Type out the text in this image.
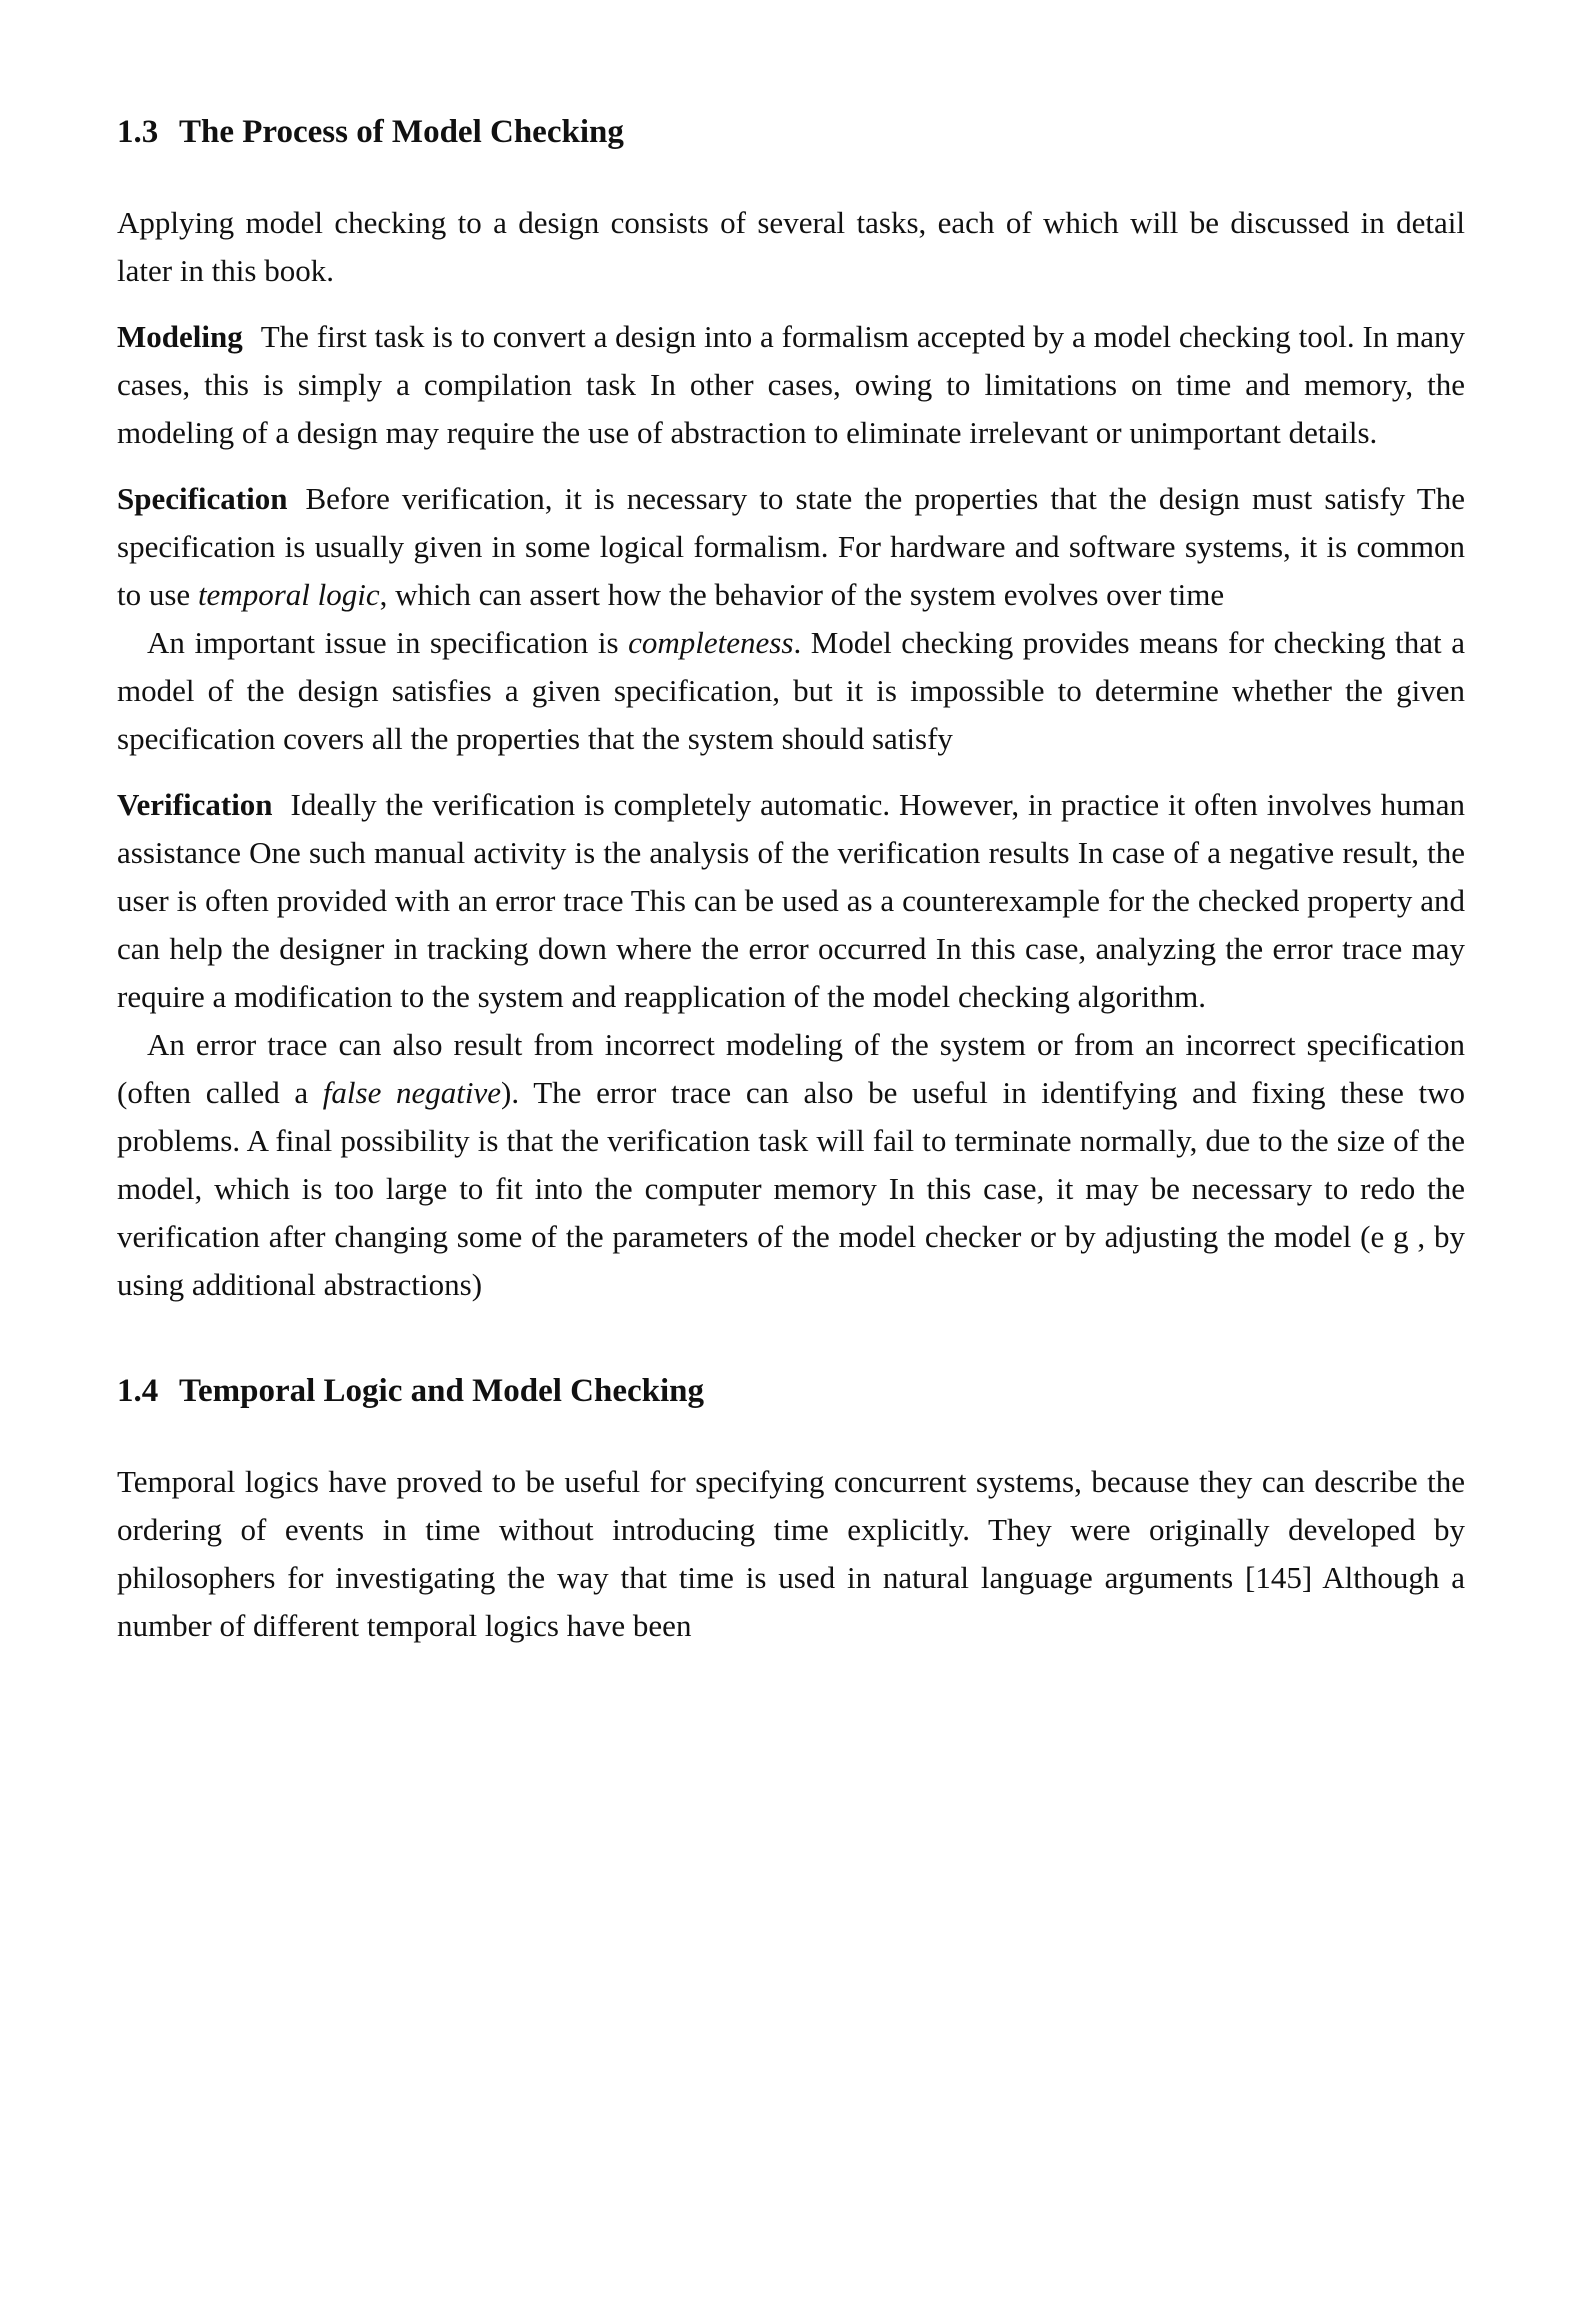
1.3 The Process of Model Checking

Applying model checking to a design consists of several tasks, each of which will be discussed in detail later in this book.

Modeling The first task is to convert a design into a formalism accepted by a model checking tool. In many cases, this is simply a compilation task In other cases, owing to limitations on time and memory, the modeling of a design may require the use of abstraction to eliminate irrelevant or unimportant details.

Specification Before verification, it is necessary to state the properties that the design must satisfy The specification is usually given in some logical formalism. For hardware and software systems, it is common to use temporal logic, which can assert how the behavior of the system evolves over time

An important issue in specification is completeness. Model checking provides means for checking that a model of the design satisfies a given specification, but it is impossible to determine whether the given specification covers all the properties that the system should satisfy

Verification Ideally the verification is completely automatic. However, in practice it often involves human assistance One such manual activity is the analysis of the verification results In case of a negative result, the user is often provided with an error trace This can be used as a counterexample for the checked property and can help the designer in tracking down where the error occurred In this case, analyzing the error trace may require a modification to the system and reapplication of the model checking algorithm.

An error trace can also result from incorrect modeling of the system or from an incorrect specification (often called a false negative). The error trace can also be useful in identifying and fixing these two problems. A final possibility is that the verification task will fail to terminate normally, due to the size of the model, which is too large to fit into the computer memory In this case, it may be necessary to redo the verification after changing some of the parameters of the model checker or by adjusting the model (e g , by using additional abstractions)

1.4 Temporal Logic and Model Checking

Temporal logics have proved to be useful for specifying concurrent systems, because they can describe the ordering of events in time without introducing time explicitly. They were originally developed by philosophers for investigating the way that time is used in natural language arguments [145] Although a number of different temporal logics have been
